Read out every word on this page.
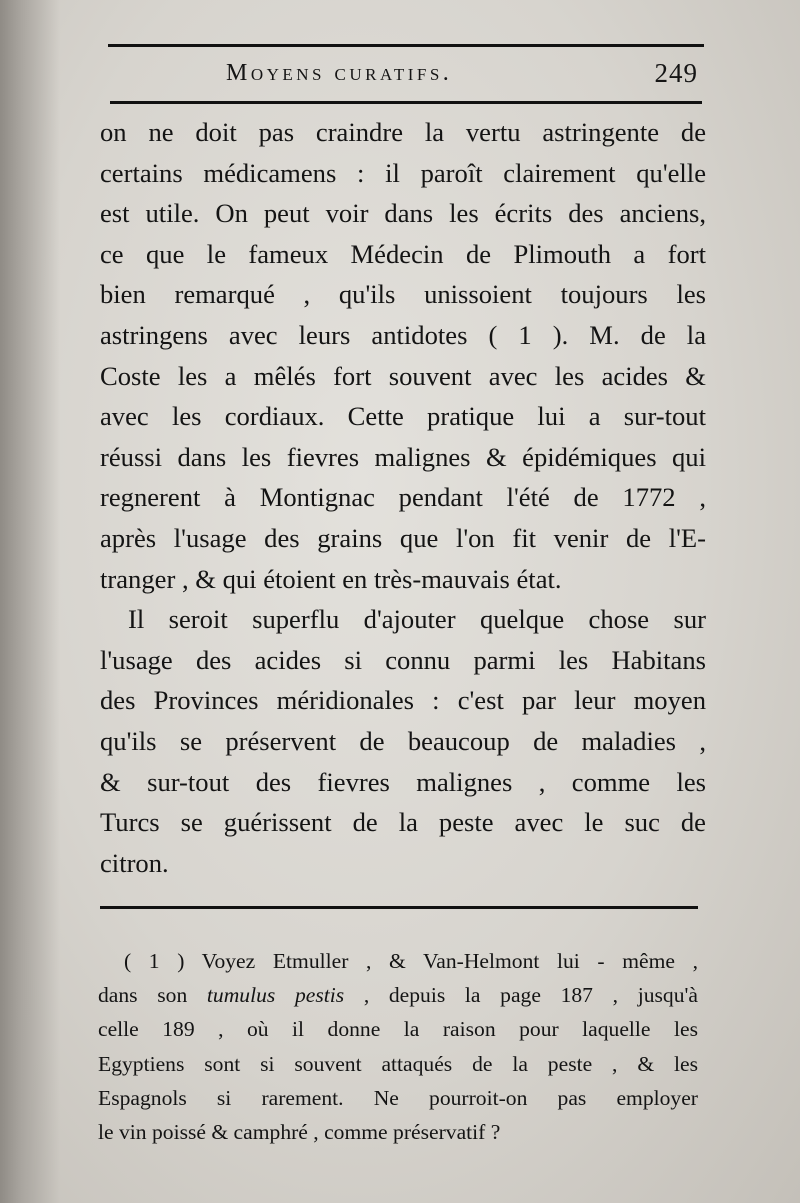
Moyens curatifs.	249
on ne doit pas craindre la vertu astringente de
certains médicamens : il paroît clairement qu'elle
est utile. On peut voir dans les écrits des anciens,
ce que le fameux Médecin de Plimouth a fort
bien remarqué , qu'ils unissoient toujours les
astringens avec leurs antidotes ( 1 ). M. de la
Coste les a mêlés fort souvent avec les acides &
avec les cordiaux. Cette pratique lui a sur-tout
réussi dans les fievres malignes & épidémiques qui
regnerent à Montignac pendant l'été de 1772 ,
après l'usage des grains que l'on fit venir de l'E-
tranger , & qui étoient en très-mauvais état.
Il seroit superflu d'ajouter quelque chose sur
l'usage des acides si connu parmi les Habitans
des Provinces méridionales : c'est par leur moyen
qu'ils se préservent de beaucoup de maladies ,
& sur-tout des fievres malignes , comme les
Turcs se guérissent de la peste avec le suc de
citron.
( 1 ) Voyez Etmuller , & Van-Helmont lui - même ,
dans son tumulus pestis , depuis la page 187 , jusqu'à
celle 189 , où il donne la raison pour laquelle les
Egyptiens sont si souvent attaqués de la peste , & les
Espagnols si rarement. Ne pourroit-on pas employer
le vin poissé & camphré , comme préservatif ?
